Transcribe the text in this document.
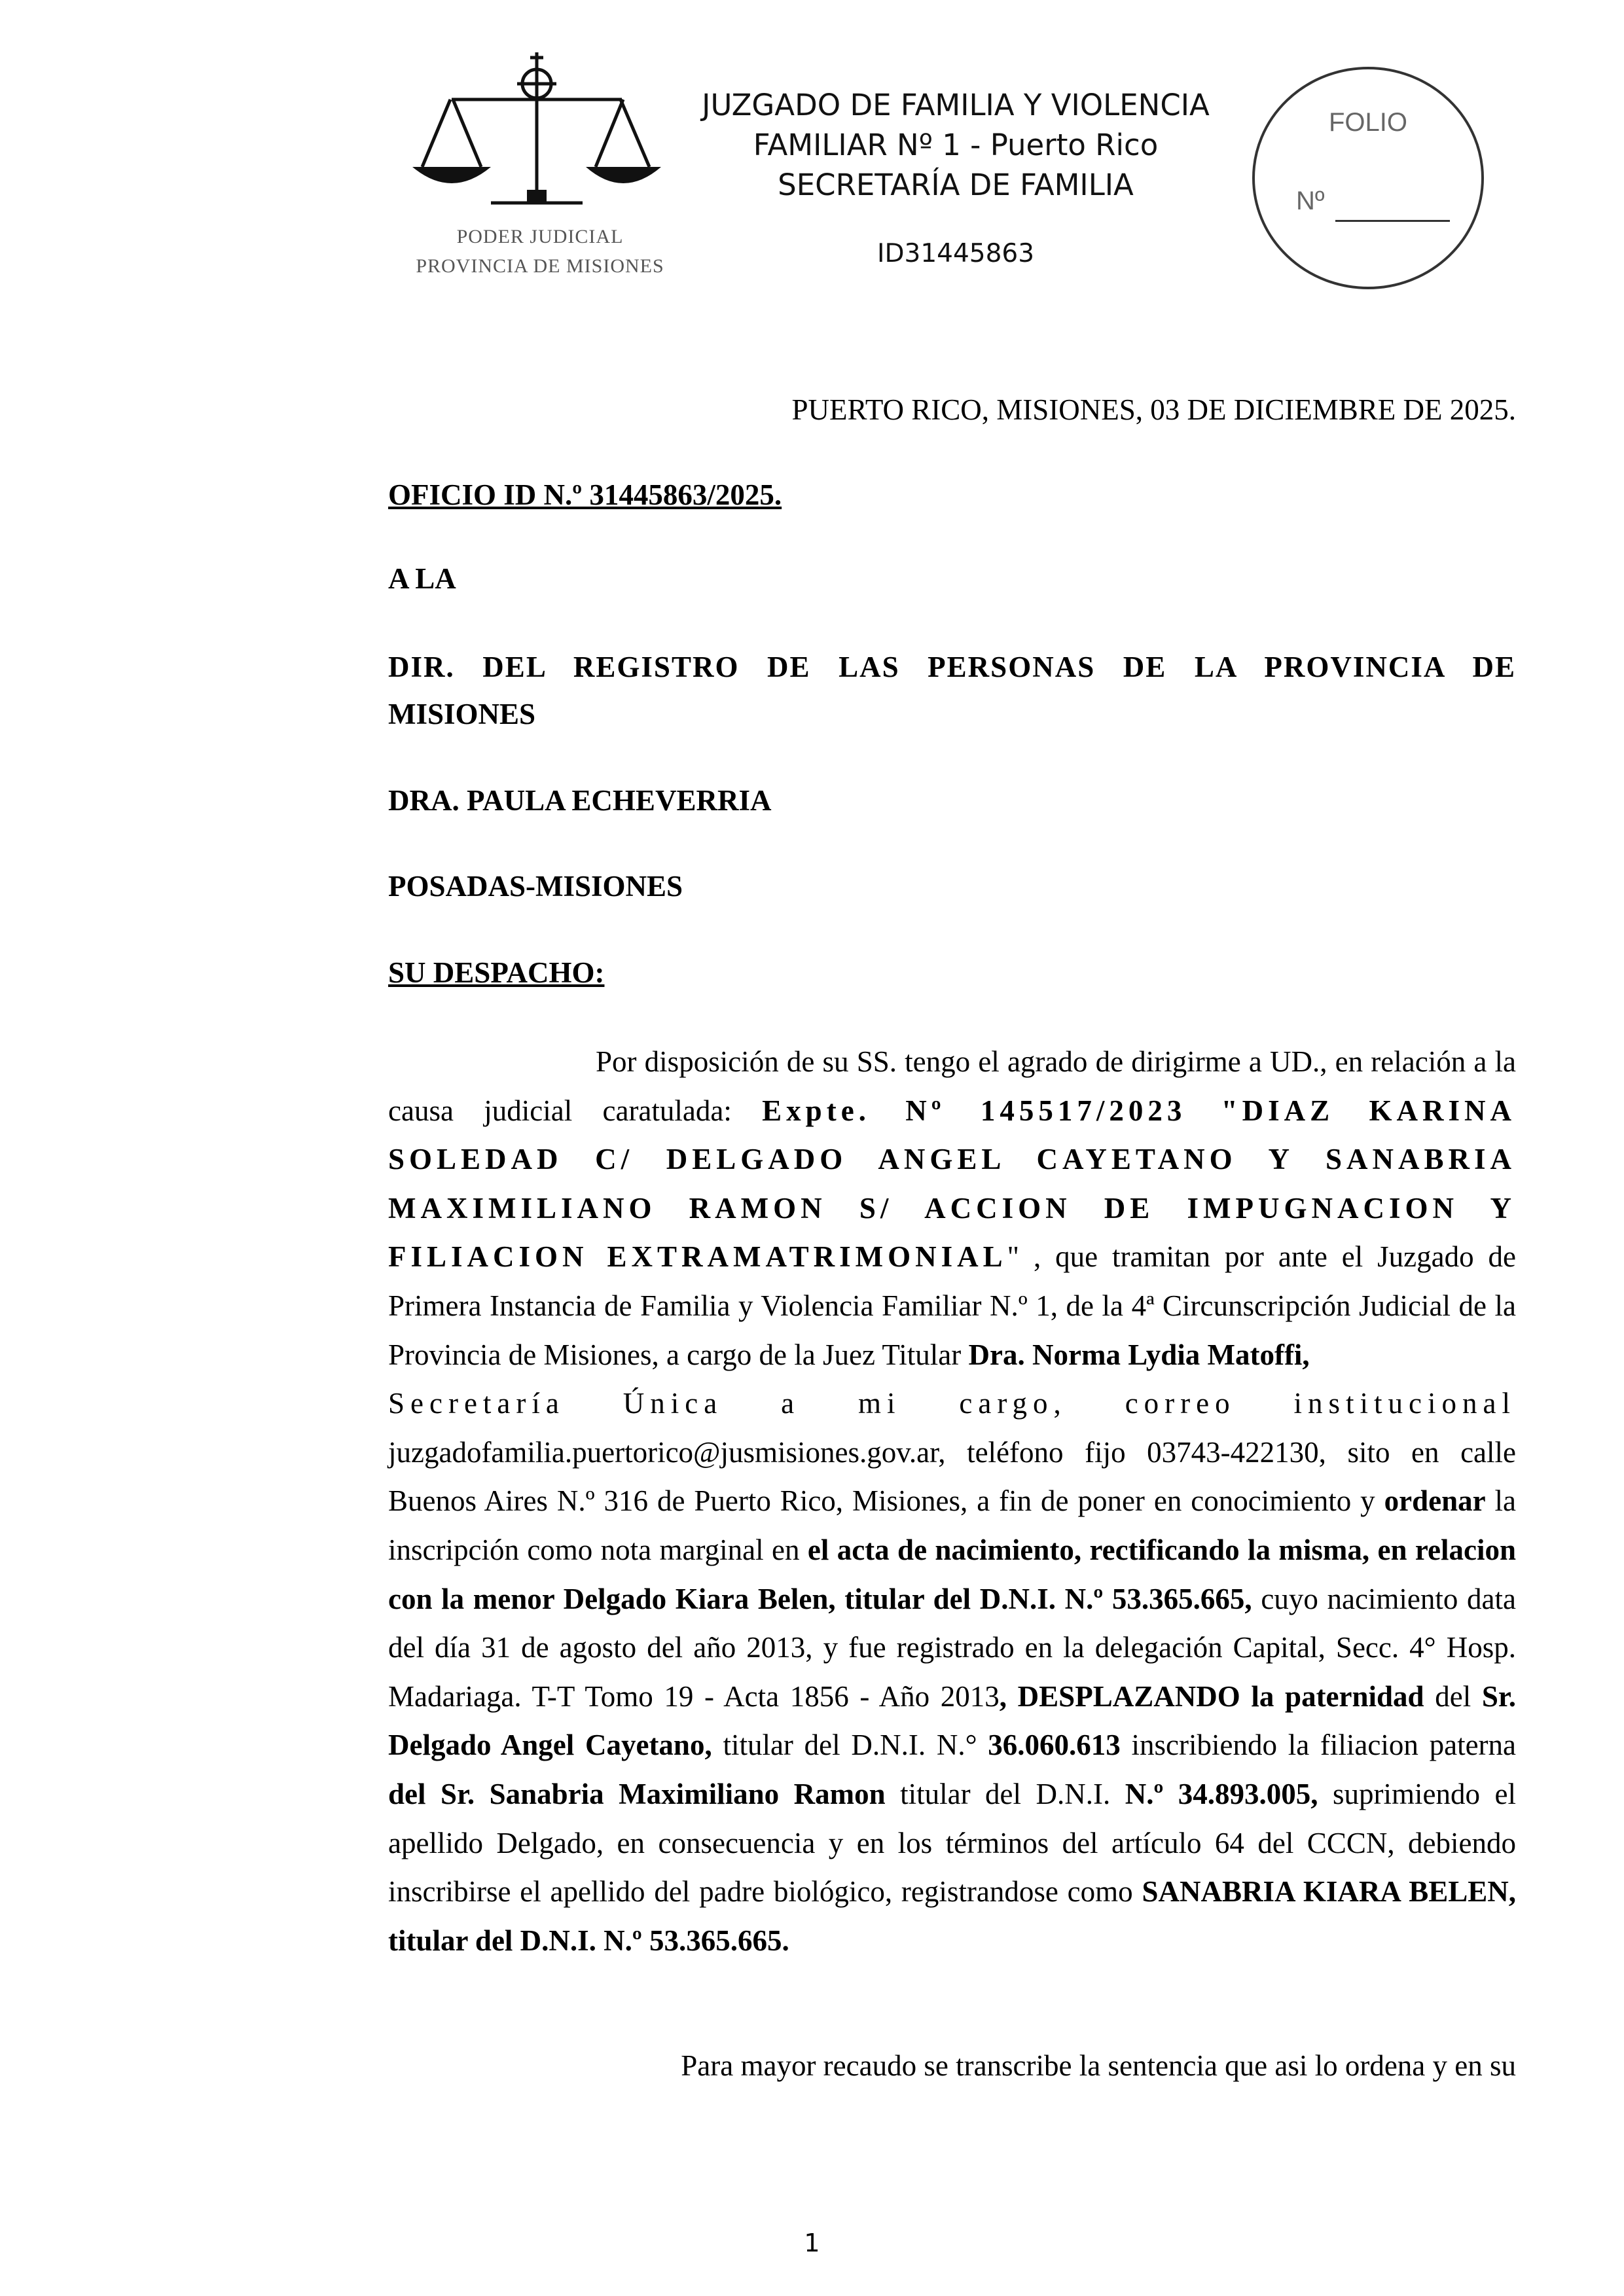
PODER JUDICIAL
PROVINCIA DE MISIONES
JUZGADO DE FAMILIA Y VIOLENCIA
FAMILIAR Nº 1 - Puerto Rico
SECRETARÍA DE FAMILIA
ID31445863
FOLIO
Nº
PUERTO RICO, MISIONES, 03 DE DICIEMBRE DE 2025.
OFICIO ID N.º 31445863/2025.
A LA
DIR. DEL REGISTRO DE LAS PERSONAS DE LA PROVINCIA DE
MISIONES
DRA. PAULA ECHEVERRIA
POSADAS-MISIONES
SU DESPACHO:

Por disposición de su SS. tengo el agrado de dirigirme a UD., en relación a la causa judicial caratulada: Expte. Nº 145517/2023 "DIAZ KARINA SOLEDAD C/ DELGADO ANGEL CAYETANO Y SANABRIA MAXIMILIANO RAMON S/ ACCION DE IMPUGNACION Y FILIACION EXTRAMATRIMONIAL" , que tramitan por ante el Juzgado de Primera Instancia de Familia y Violencia Familiar N.º 1, de la 4ª Circunscripción Judicial de la Provincia de Misiones, a cargo de la Juez Titular Dra. Norma Lydia Matoffi,

Secretaría Única a mi cargo, correo institucional

juzgadofamilia.puertorico@jusmisiones.gov.ar, teléfono fijo 03743-422130, sito en calle Buenos Aires N.º 316 de Puerto Rico, Misiones, a fin de poner en conocimiento y ordenar la inscripción como nota marginal en el acta de nacimiento, rectificando la misma, en relacion con la menor Delgado Kiara Belen, titular del D.N.I. N.º 53.365.665, cuyo nacimiento data del día 31 de agosto del año 2013, y fue registrado en la delegación Capital, Secc. 4° Hosp. Madariaga. T-T Tomo 19 - Acta 1856 - Año 2013, DESPLAZANDO la paternidad del Sr. Delgado Angel Cayetano, titular del D.N.I. N.° 36.060.613 inscribiendo la filiacion paterna del Sr. Sanabria Maximiliano Ramon titular del D.N.I. N.º 34.893.005, suprimiendo el apellido Delgado, en consecuencia y en los términos del artículo 64 del CCCN, debiendo inscribirse el apellido del padre biológico, registrandose como SANABRIA KIARA BELEN, titular del D.N.I. N.º 53.365.665.

Para mayor recaudo se transcribe la sentencia que asi lo ordena y en su
1
